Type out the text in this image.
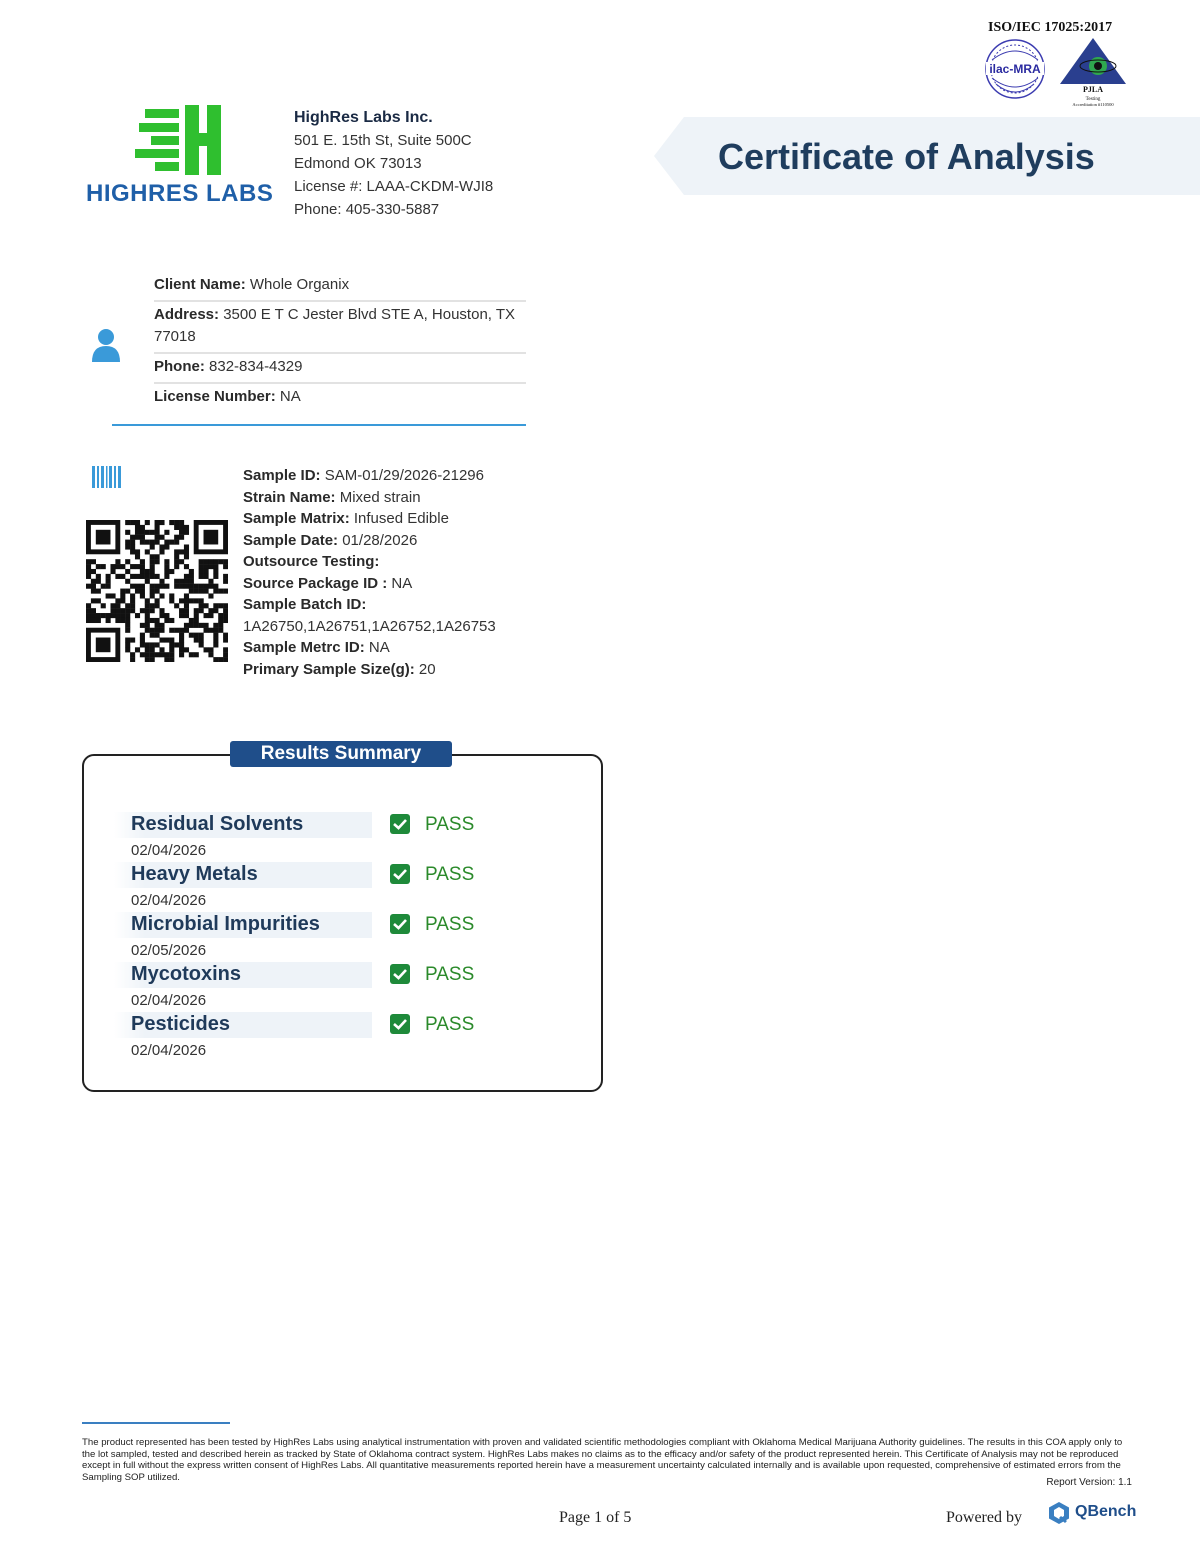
ISO/IEC 17025:2017
ilac-MRA
PJLA
Testing
Accreditation #110500
HIGHRES LABS
HighRes Labs Inc.
501 E. 15th St, Suite 500C
Edmond OK 73013
License #: LAAA-CKDM-WJI8
Phone: 405-330-5887
Certificate of Analysis
Client Name: Whole Organix
Address: 3500 E T C Jester Blvd STE A, Houston, TX 77018
Phone: 832-834-4329
License Number: NA
Sample ID: SAM-01/29/2026-21296
Strain Name: Mixed strain
Sample Matrix: Infused Edible
Sample Date: 01/28/2026
Outsource Testing:
Source Package ID : NA
Sample Batch ID:
1A26750,1A26751,1A26752,1A26753
Sample Metrc ID: NA
Primary Sample Size(g): 20
Results Summary
Residual Solvents
02/04/2026
PASS
Heavy Metals
02/04/2026
PASS
Microbial Impurities
02/05/2026
PASS
Mycotoxins
02/04/2026
PASS
Pesticides
02/04/2026
PASS
The product represented has been tested by HighRes Labs using analytical instrumentation with proven and validated scientific methodologies compliant with Oklahoma Medical Marijuana Authority guidelines. The results in this COA apply only to the lot sampled, tested and described herein as tracked by State of Oklahoma contract system. HighRes Labs makes no claims as to the efficacy and/or safety of the product represented herein. This Certificate of Analysis may not be reproduced except in full without the express written consent of HighRes Labs. All quantitative measurements reported herein have a measurement uncertainty calculated internally and is available upon requested, comprehensive of estimated errors from the Sampling SOP utilized.	Report Version: 1.1
Page 1 of 5	Powered by	QBench
